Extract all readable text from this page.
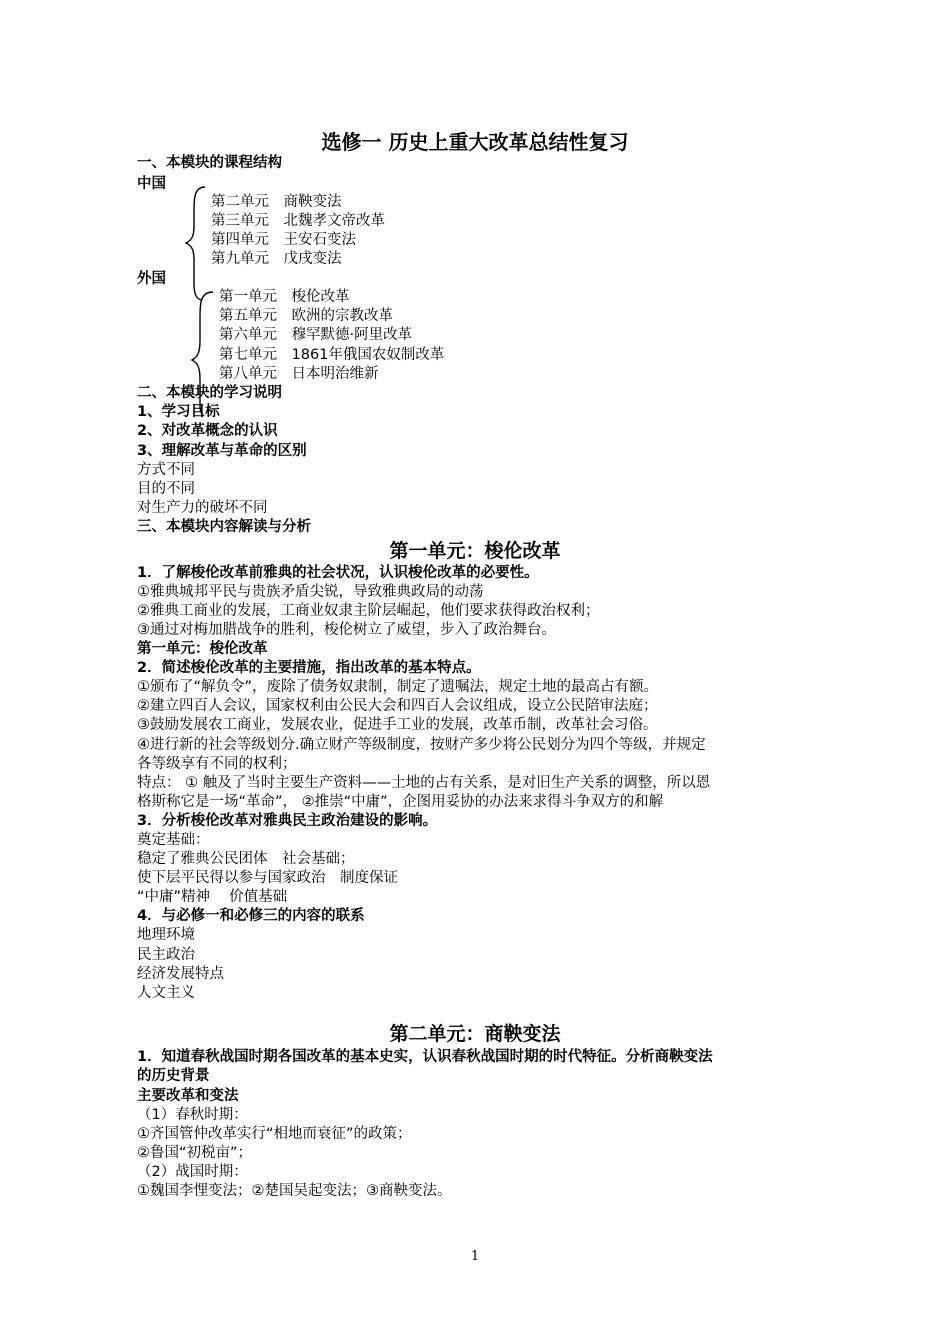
选修一 历史上重大改革总结性复习
一、本模块的课程结构
中国
第二单元　商鞅变法
第三单元　北魏孝文帝改革
第四单元　王安石变法
第九单元　戊戌变法
外国
第一单元　梭伦改革
第五单元　欧洲的宗教改革
第六单元　穆罕默德·阿里改革
第七单元　1861年俄国农奴制改革
第八单元　日本明治维新
二、本模块的学习说明
1、学习目标
2、对改革概念的认识
3、理解改革与革命的区别
方式不同
目的不同
对生产力的破坏不同
三、本模块内容解读与分析
第一单元：梭伦改革
1．了解梭伦改革前雅典的社会状况，认识梭伦改革的必要性。
①雅典城邦平民与贵族矛盾尖锐，导致雅典政局的动荡
②雅典工商业的发展，工商业奴隶主阶层崛起，他们要求获得政治权利；
③通过对梅加腊战争的胜利，梭伦树立了威望，步入了政治舞台。
第一单元：梭伦改革
2．简述梭伦改革的主要措施，指出改革的基本特点。
①颁布了“解负令”，废除了债务奴隶制，制定了遗嘱法，规定土地的最高占有额。
②建立四百人会议，国家权利由公民大会和四百人会议组成，设立公民陪审法庭；
③鼓励发展农工商业，发展农业，促进手工业的发展，改革币制，改革社会习俗。
④进行新的社会等级划分.确立财产等级制度，按财产多少将公民划分为四个等级，并规定
各等级享有不同的权利；
特点： ① 触及了当时主要生产资料——土地的占有关系，是对旧生产关系的调整，所以恩
格斯称它是一场“革命”， ②推崇“中庸”，企图用妥协的办法来求得斗争双方的和解
3．分析梭伦改革对雅典民主政治建设的影响。
奠定基础：
稳定了雅典公民团体　社会基础；
使下层平民得以参与国家政治　制度保证
“中庸”精神　 价值基础
4．与必修一和必修三的内容的联系
地理环境
民主政治
经济发展特点
人文主义
第二单元：商鞅变法
1．知道春秋战国时期各国改革的基本史实，认识春秋战国时期的时代特征。分析商鞅变法
的历史背景
主要改革和变法
（1）春秋时期：
①齐国管仲改革实行“相地而衰征”的政策；
②鲁国“初税亩”；
（2）战国时期：
①魏国李悝变法；②楚国吴起变法；③商鞅变法。
1
